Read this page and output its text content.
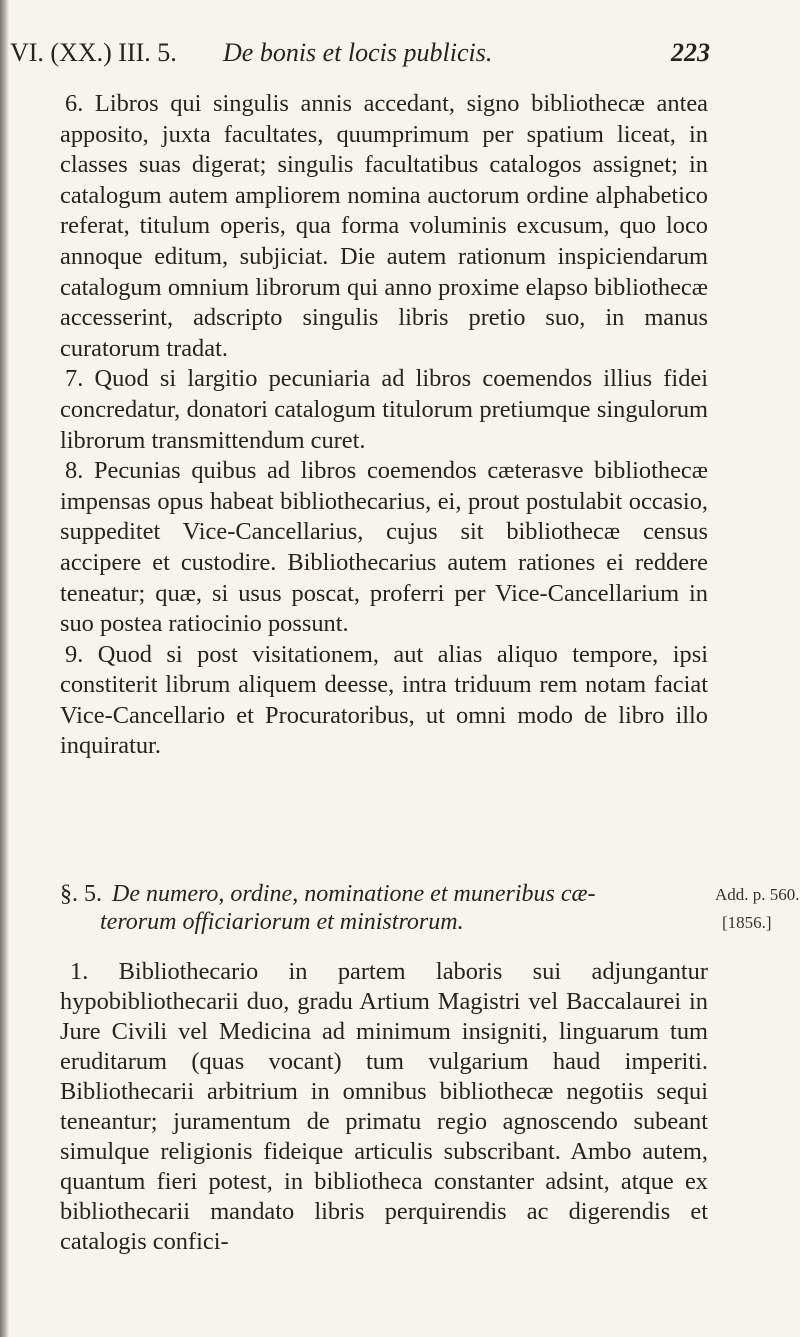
VI. (XX.) III. 5. De bonis et locis publicis.	223

6. Libros qui singulis annis accedant, signo bibliothecæ antea apposito, juxta facultates, quumprimum per spatium liceat, in classes suas digerat; singulis facultatibus catalogos assignet; in catalogum autem ampliorem nomina auctorum ordine alphabetico referat, titulum operis, qua forma voluminis excusum, quo loco annoque editum, subjiciat. Die autem rationum inspiciendarum catalogum omnium librorum qui anno proxime elapso bibliothecæ accesserint, adscripto singulis libris pretio suo, in manus curatorum tradat.

7. Quod si largitio pecuniaria ad libros coemendos illius fidei concredatur, donatori catalogum titulorum pretiumque singulorum librorum transmittendum curet.

8. Pecunias quibus ad libros coemendos cæterasve bibliothecæ impensas opus habeat bibliothecarius, ei, prout postulabit occasio, suppeditet Vice-Cancellarius, cujus sit bibliothecæ census accipere et custodire. Bibliothecarius autem rationes ei reddere teneatur; quæ, si usus poscat, proferri per Vice-Cancellarium in suo postea ratiocinio possunt.

9. Quod si post visitationem, aut alias aliquo tempore, ipsi constiterit librum aliquem deesse, intra triduum rem notam faciat Vice-Cancellario et Procuratoribus, ut omni modo de libro illo inquiratur.

§. 5. De numero, ordine, nominatione et muneribus cæ-
terorum officiariorum et ministrorum.
Add. p. 560.
[1856.]

1. Bibliothecario in partem laboris sui adjungantur hypobibliothecarii duo, gradu Artium Magistri vel Baccalaurei in Jure Civili vel Medicina ad minimum insigniti, linguarum tum eruditarum (quas vocant) tum vulgarium haud imperiti. Bibliothecarii arbitrium in omnibus bibliothecæ negotiis sequi teneantur; juramentum de primatu regio agnoscendo subeant simulque religionis fideique articulis subscribant. Ambo autem, quantum fieri potest, in bibliotheca constanter adsint, atque ex bibliothecarii mandato libris perquirendis ac digerendis et catalogis confici-
